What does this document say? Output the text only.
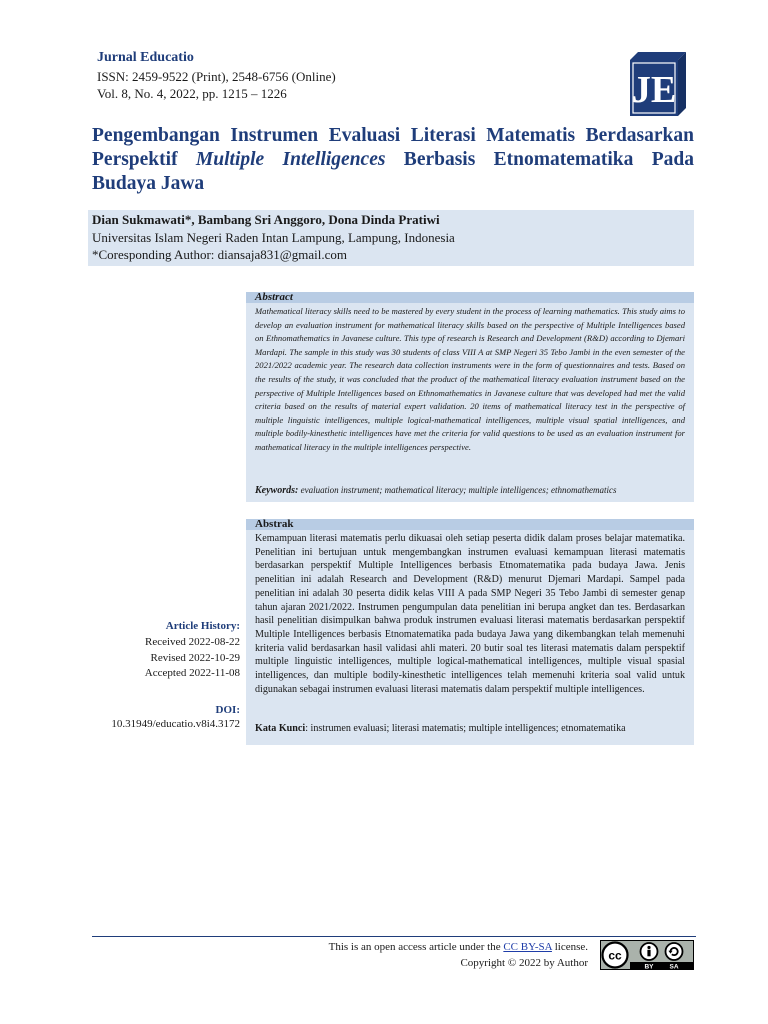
Jurnal Educatio
ISSN: 2459-9522 (Print), 2548-6756 (Online)
Vol. 8, No. 4, 2022, pp. 1215 – 1226	JE
Pengembangan Instrumen Evaluasi Literasi Matematis Berdasarkan Perspektif Multiple Intelligences Berbasis Etnomatematika Pada Budaya Jawa
Dian Sukmawati*, Bambang Sri Anggoro, Dona Dinda Pratiwi
Universitas Islam Negeri Raden Intan Lampung, Lampung, Indonesia
*Coresponding Author: diansaja831@gmail.com
Abstract
Mathematical literacy skills need to be mastered by every student in the process of learning mathematics. This study aims to develop an evaluation instrument for mathematical literacy skills based on the perspective of Multiple Intelligences based on Ethnomathematics in Javanese culture. This type of research is Research and Development (R&D) according to Djemari Mardapi. The sample in this study was 30 students of class VIII A at SMP Negeri 35 Tebo Jambi in the even semester of the 2021/2022 academic year. The research data collection instruments were in the form of questionnaires and tests. Based on the results of the study, it was concluded that the product of the mathematical literacy evaluation instrument based on the perspective of Multiple Intelligences based on Ethnomathematics in Javanese culture that was developed had met the valid criteria based on the results of material expert validation. 20 items of mathematical literacy test in the perspective of multiple linguistic intelligences, multiple logical-mathematical intelligences, multiple visual spatial intelligences, and multiple bodily-kinesthetic intelligences have met the criteria for valid questions to be used as an evaluation instrument for mathematical literacy in the multiple intelligences perspective.
Keywords: evaluation instrument; mathematical literacy; multiple intelligences; ethnomathematics
Abstrak
Kemampuan literasi matematis perlu dikuasai oleh setiap peserta didik dalam proses belajar matematika. Penelitian ini bertujuan untuk mengembangkan instrumen evaluasi kemampuan literasi matematis berdasarkan perspektif Multiple Intelligences berbasis Etnomatematika pada budaya Jawa. Jenis penelitian ini adalah Research and Development (R&D) menurut Djemari Mardapi. Sampel pada penelitian ini adalah 30 peserta didik kelas VIII A pada SMP Negeri 35 Tebo Jambi di semester genap tahun ajaran 2021/2022. Instrumen pengumpulan data penelitian ini berupa angket dan tes. Berdasarkan hasil penelitian disimpulkan bahwa produk instrumen evaluasi literasi matematis berdasarkan perspektif Multiple Intelligences berbasis Etnomatematika pada budaya Jawa yang dikembangkan telah memenuhi kriteria valid berdasarkan hasil validasi ahli materi. 20 butir soal tes literasi matematis dalam perspektif multiple linguistic intelligences, multiple logical-mathematical intelligences, multiple visual spasial intelligences, dan multiple bodily-kinesthetic intelligences telah memenuhi kriteria soal valid untuk digunakan sebagai instrumen evaluasi literasi matematis dalam perspektif multiple intelligences.
Kata Kunci: instrumen evaluasi; literasi matematis; multiple intelligences; etnomatematika
Article History:
Received 2022-08-22
Revised 2022-10-29
Accepted 2022-11-08
DOI:
10.31949/educatio.v8i4.3172
This is an open access article under the CC BY-SA license.
Copyright © 2022 by Author
cc
BY SA
